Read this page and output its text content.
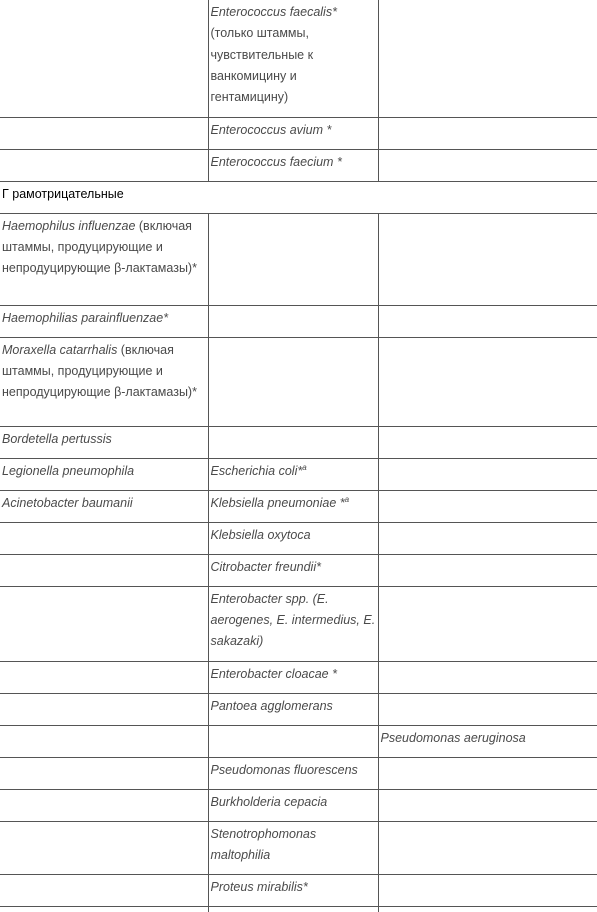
	Enterococcus faecalis*(только штаммы, чувствительные к ванкомицину и гентамицину)	
	Enterococcus avium *	
	Enterococcus faecium *	
Г рамотрицательные		
Haemophilus influenzae (включая штаммы, продуцирующие и непродуцирующие β-лактамазы)*		
Haemophilias parainfluenzae*		
Moraxella catarrhalis (включая штаммы, продуцирующие и непродуцирующие β-лактамазы)*		
Bordetella pertussis		
Legionella pneumophila	Escherichia coli*$^a$	
Acinetobacter baumanii	Klebsiella pneumoniae *$^a$	
	Klebsiella oxytoca	
	Citrobacter freundii*	
	Enterobacter spp. (E. aerogenes, E. intermedius, E. sakazaki)	
	Enterobacter cloacae *	
	Pantoea agglomerans	
		Pseudomonas aeruginosa
	Pseudomonas fluorescens	
	Burkholderia cepacia	
	Stenotrophomonas maltophilia	
	Proteus mirabilis*	
